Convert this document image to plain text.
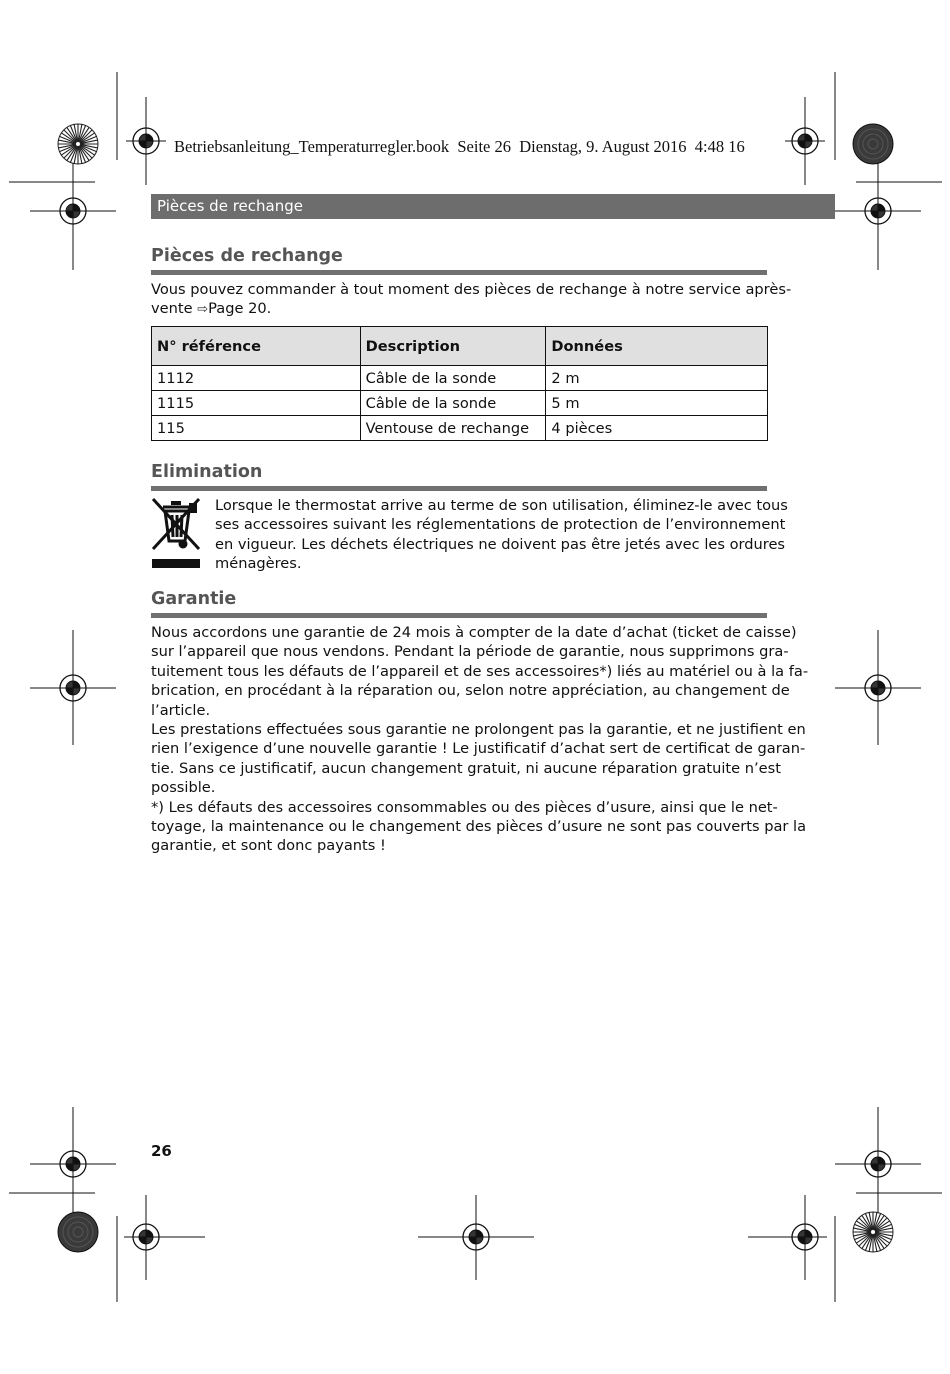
Betriebsanleitung_Temperaturregler.book  Seite 26  Dienstag, 9. August 2016  4:48 16
Pièces de rechange
Pièces de rechange
Vous pouvez commander à tout moment des pièces de rechange à notre service après-
vente ⇨Page 20.
N° référence	Description	Données
1112	Câble de la sonde	2 m
1115	Câble de la sonde	5 m
115	Ventouse de rechange	4 pièces
Elimination
Lorsque le thermostat arrive au terme de son utilisation, éliminez-le avec tous
ses accessoires suivant les réglementations de protection de l’environnement
en vigueur. Les déchets électriques ne doivent pas être jetés avec les ordures
ménagères.
Garantie
Nous accordons une garantie de 24 mois à compter de la date d’achat (ticket de caisse)
sur l’appareil que nous vendons. Pendant la période de garantie, nous supprimons gra-
tuitement tous les défauts de l’appareil et de ses accessoires*) liés au matériel ou à la fa-
brication, en procédant à la réparation ou, selon notre appréciation, au changement de
l’article.
Les prestations effectuées sous garantie ne prolongent pas la garantie, et ne justifient en
rien l’exigence d’une nouvelle garantie ! Le justificatif d’achat sert de certificat de garan-
tie. Sans ce justificatif, aucun changement gratuit, ni aucune réparation gratuite n’est
possible.
*) Les défauts des accessoires consommables ou des pièces d’usure, ainsi que le net-
toyage, la maintenance ou le changement des pièces d’usure ne sont pas couverts par la
garantie, et sont donc payants !
26
